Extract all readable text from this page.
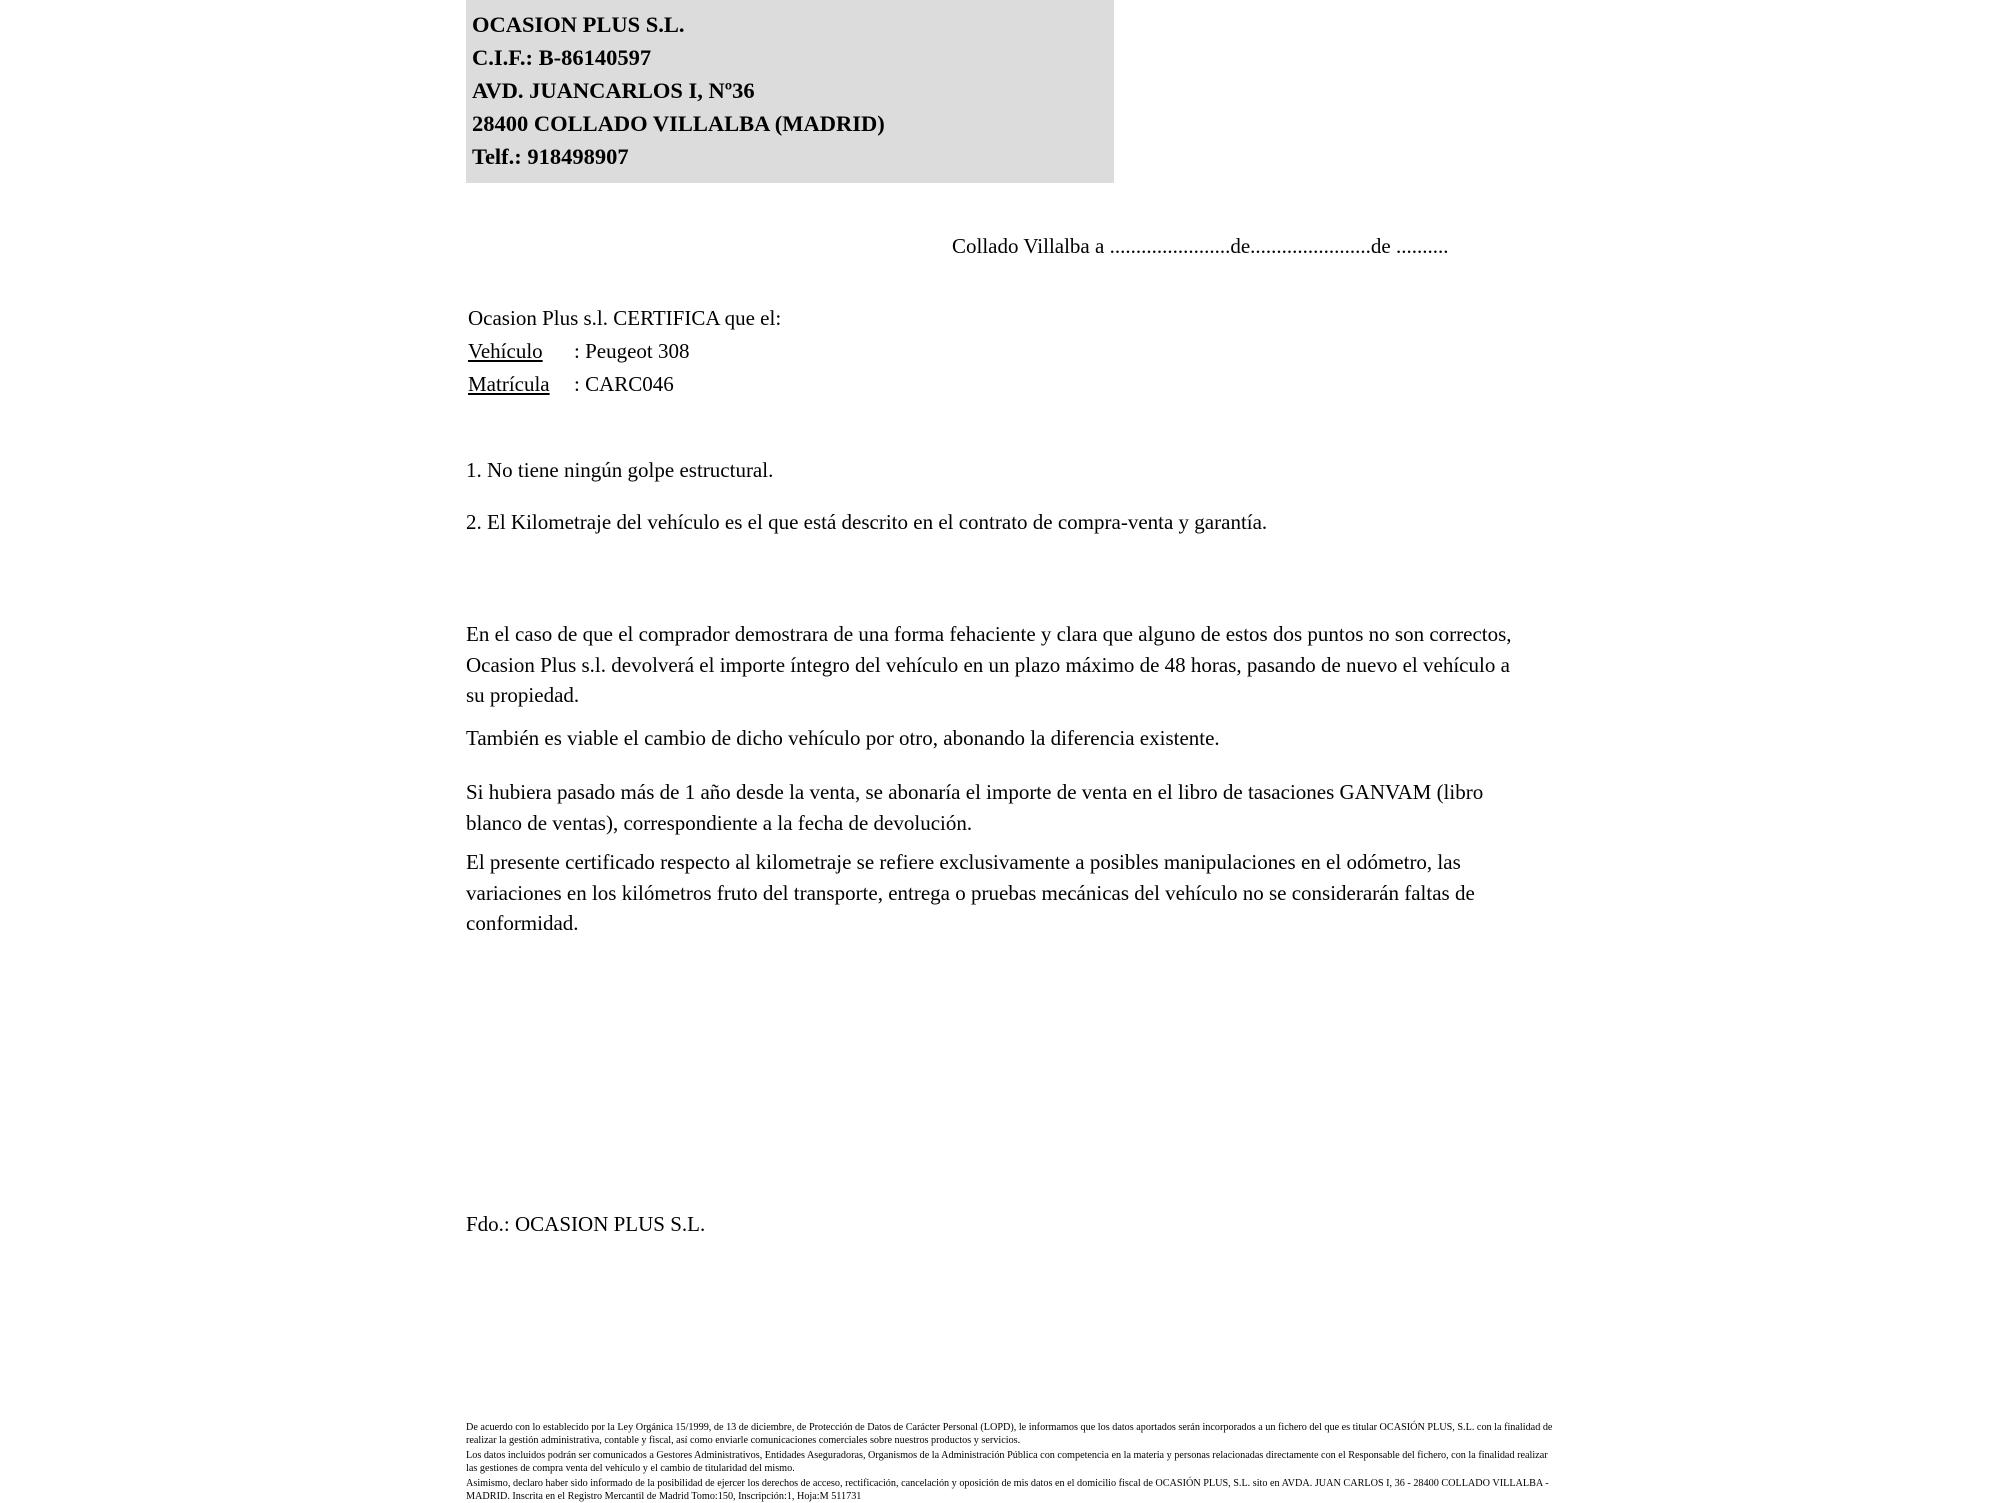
OCASION PLUS S.L.
C.I.F.: B-86140597
AVD. JUANCARLOS I, Nº36
28400 COLLADO VILLALBA (MADRID)
Telf.: 918498907
Collado Villalba a .......................de.......................de ..........
Ocasion Plus s.l. CERTIFICA que el:
Vehículo : Peugeot 308
Matrícula : CARC046
1. No tiene ningún golpe estructural.
2. El Kilometraje del vehículo es el que está descrito en el contrato de compra-venta y garantía.
En el caso de que el comprador demostrara de una forma fehaciente y clara que alguno de estos dos puntos no son correctos, Ocasion Plus s.l. devolverá el importe íntegro del vehículo en un plazo máximo de 48 horas, pasando de nuevo el vehículo a su propiedad.
También es viable el cambio de dicho vehículo por otro, abonando la diferencia existente.
Si hubiera pasado más de 1 año desde la venta, se abonaría el importe de venta en el libro de tasaciones GANVAM (libro blanco de ventas), correspondiente a la fecha de devolución.
El presente certificado respecto al kilometraje se refiere exclusivamente a posibles manipulaciones en el odómetro, las variaciones en los kilómetros fruto del transporte, entrega o pruebas mecánicas del vehículo no se considerarán faltas de conformidad.
Fdo.: OCASION PLUS S.L.

De acuerdo con lo establecido por la Ley Orgánica 15/1999, de 13 de diciembre, de Protección de Datos de Carácter Personal (LOPD), le informamos que los datos aportados serán incorporados a un fichero del que es titular OCASIÓN PLUS, S.L. con la finalidad de realizar la gestión administrativa, contable y fiscal, así como enviarle comunicaciones comerciales sobre nuestros productos y servicios.

Los datos incluidos podrán ser comunicados a Gestores Administrativos, Entidades Aseguradoras, Organismos de la Administración Pública con competencia en la materia y personas relacionadas directamente con el Responsable del fichero, con la finalidad realizar las gestiones de compra venta del vehículo y el cambio de titularidad del mismo.

Asimismo, declaro haber sido informado de la posibilidad de ejercer los derechos de acceso, rectificación, cancelación y oposición de mis datos en el domicilio fiscal de OCASIÓN PLUS, S.L. sito en AVDA. JUAN CARLOS I, 36 - 28400 COLLADO VILLALBA - MADRID. Inscrita en el Registro Mercantil de Madrid Tomo:150, Inscripción:1, Hoja:M 511731
